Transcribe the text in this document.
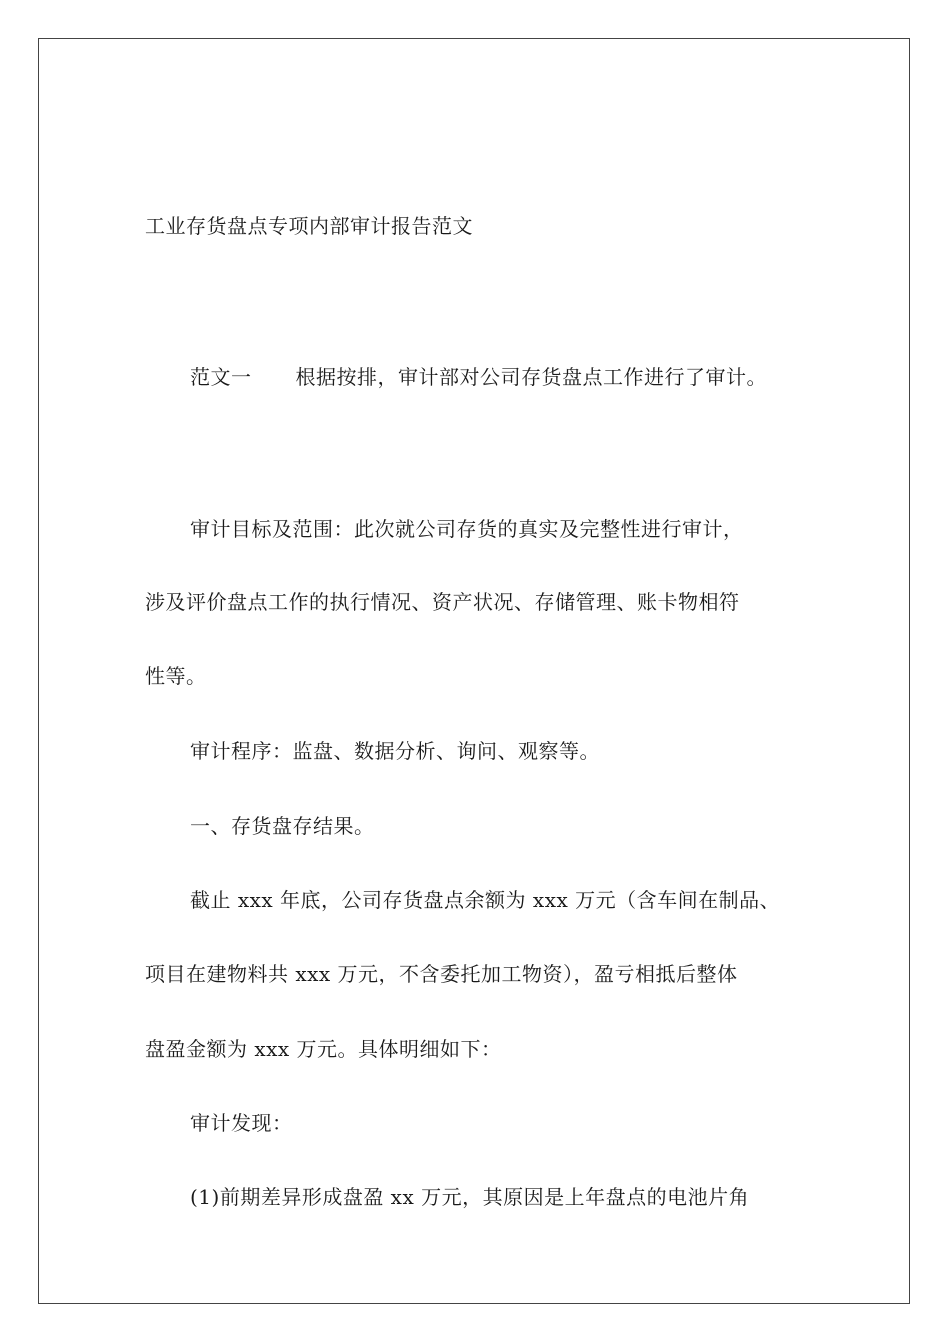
工业存货盘点专项内部审计报告范文
范文一 根据按排，审计部对公司存货盘点工作进行了审计。
审计目标及范围：此次就公司存货的真实及完整性进行审计，
涉及评价盘点工作的执行情况、资产状况、存储管理、账卡物相符
性等。
审计程序：监盘、数据分析、询问、观察等。
一、存货盘存结果。
截止 xxx 年底，公司存货盘点余额为 xxx 万元（含车间在制品、
项目在建物料共 xxx 万元，不含委托加工物资），盈亏相抵后整体
盘盈金额为 xxx 万元。具体明细如下：
审计发现：
(1)前期差异形成盘盈 xx 万元，其原因是上年盘点的电池片角
